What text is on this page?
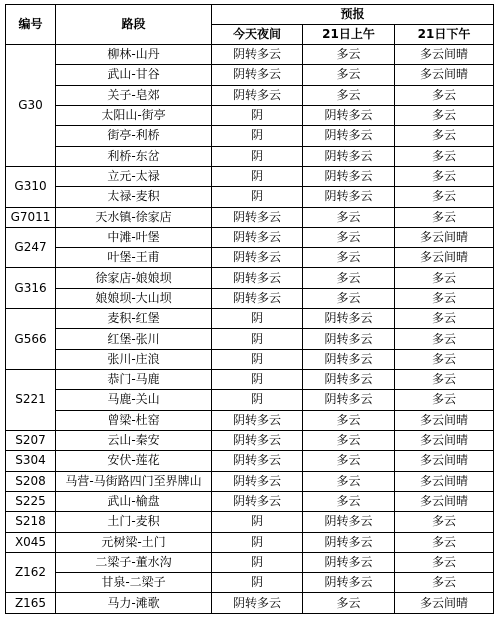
编号	路段	预报		
		今天夜间	21日上午	21日下午
G30	柳林-山丹	阴转多云	多云	多云间晴
	武山-甘谷	阴转多云	多云	多云间晴
	关子-皂郊	阴转多云	多云	多云
	太阳山-街亭	阴	阴转多云	多云
	街亭-利桥	阴	阴转多云	多云
	利桥-东岔	阴	阴转多云	多云
G310	立元-太禄	阴	阴转多云	多云
	太禄-麦积	阴	阴转多云	多云
G7011	天水镇-徐家店	阴转多云	多云	多云
G247	中滩-叶堡	阴转多云	多云	多云间晴
	叶堡-王甫	阴转多云	多云	多云间晴
G316	徐家店-娘娘坝	阴转多云	多云	多云
	娘娘坝-大山坝	阴转多云	多云	多云
G566	麦积-红堡	阴	阴转多云	多云
	红堡-张川	阴	阴转多云	多云
	张川-庄浪	阴	阴转多云	多云
S221	恭门-马鹿	阴	阴转多云	多云
	马鹿-关山	阴	阴转多云	多云
	曾梁-杜窑	阴转多云	多云	多云间晴
S207	云山-秦安	阴转多云	多云	多云间晴
S304	安伏-莲花	阴转多云	多云	多云间晴
S208	马营-马街路四门至界牌山	阴转多云	多云	多云间晴
S225	武山-榆盘	阴转多云	多云	多云间晴
S218	土门-麦积	阴	阴转多云	多云
X045	元树梁-土门	阴	阴转多云	多云
Z162	二梁子-董水沟	阴	阴转多云	多云
	甘泉-二梁子	阴	阴转多云	多云
Z165	马力-滩歌	阴转多云	多云	多云间晴
